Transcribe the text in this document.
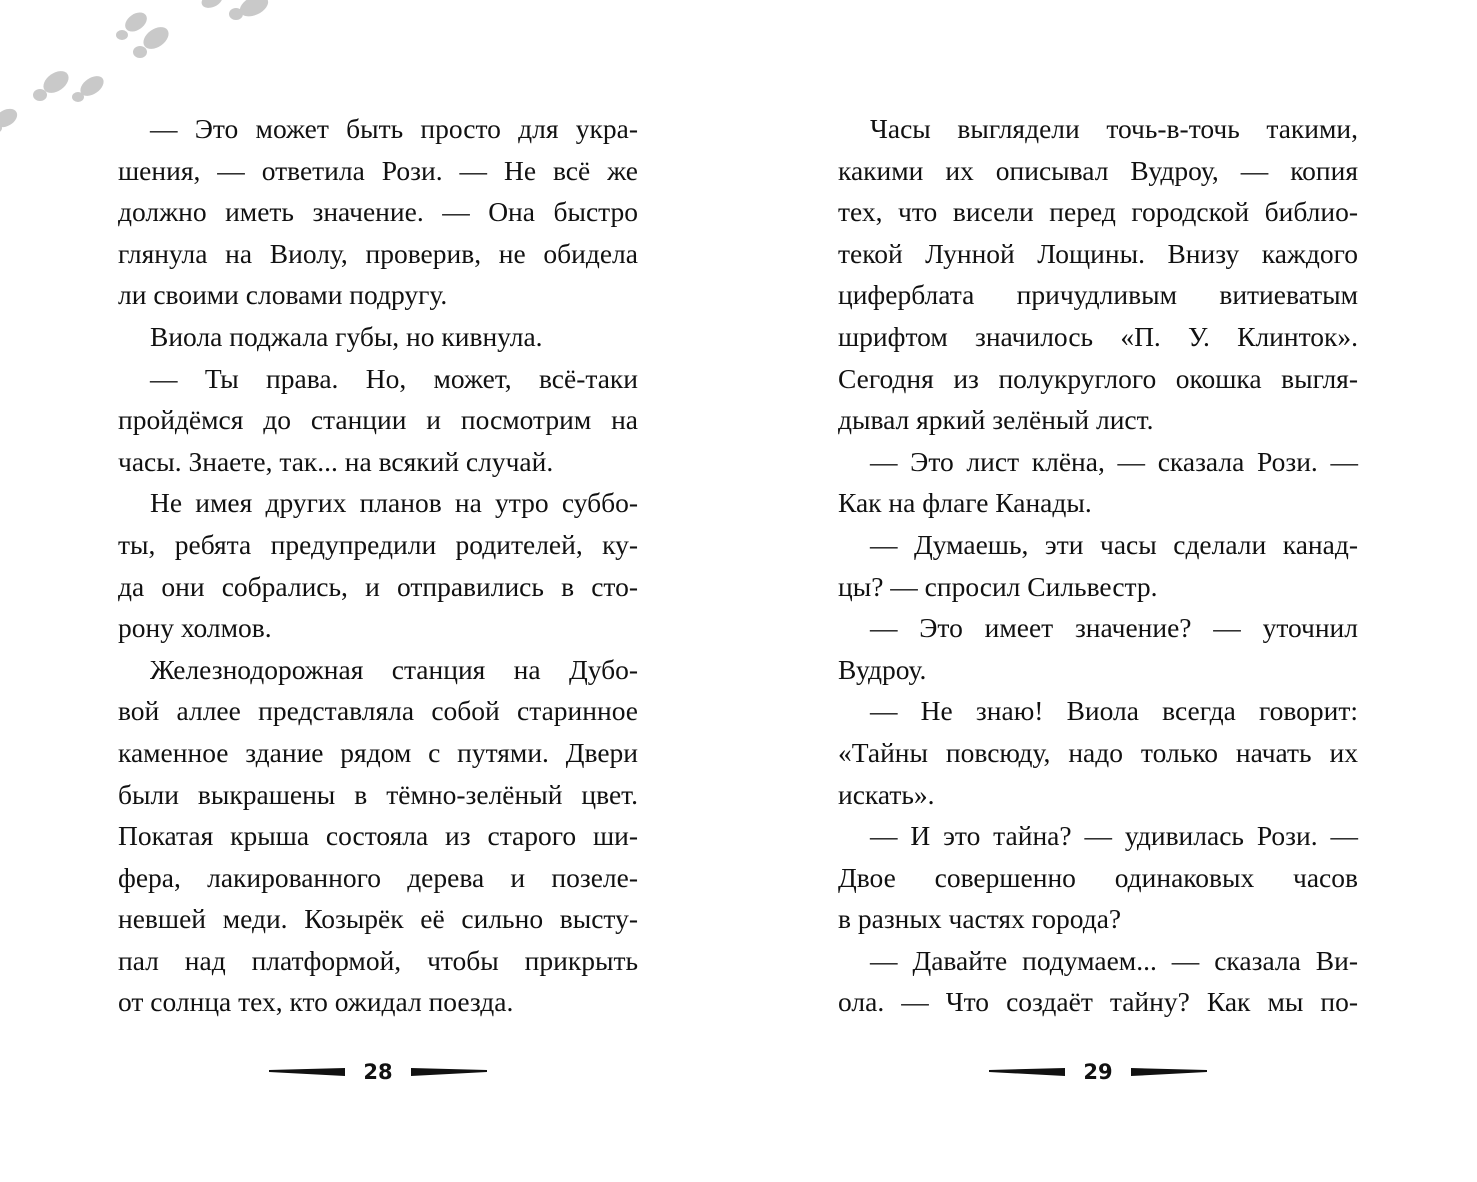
— Это может быть просто для укра-
шения, — ответила Рози. — Не всё же
должно иметь значение. — Она быстро
глянула на Виолу, проверив, не обидела
ли своими словами подругу.
Виола поджала губы, но кивнула.
— Ты права. Но, может, всё-таки
пройдёмся до станции и посмотрим на
часы. Знаете, так... на всякий случай.
Не имея других планов на утро суббо-
ты, ребята предупредили родителей, ку-
да они собрались, и отправились в сто-
рону холмов.
Железнодорожная станция на Дубо-
вой аллее представляла собой старинное
каменное здание рядом с путями. Двери
были выкрашены в тёмно-зелёный цвет.
Покатая крыша состояла из старого ши-
фера, лакированного дерева и позеле-
невшей меди. Козырёк её сильно высту-
пал над платформой, чтобы прикрыть
от солнца тех, кто ожидал поезда.
Часы выглядели точь-в-точь такими,
какими их описывал Вудроу, — копия
тех, что висели перед городской библио-
текой Лунной Лощины. Внизу каждого
циферблата причудливым витиеватым
шрифтом значилось «П. У. Клинток».
Сегодня из полукруглого окошка выгля-
дывал яркий зелёный лист.
— Это лист клёна, — сказала Рози. —
Как на флаге Канады.
— Думаешь, эти часы сделали канад-
цы? — спросил Сильвестр.
— Это имеет значение? — уточнил
Вудроу.
— Не знаю! Виола всегда говорит:
«Тайны повсюду, надо только начать их
искать».
— И это тайна? — удивилась Рози. —
Двое совершенно одинаковых часов
в разных частях города?
— Давайте подумаем... — сказала Ви-
ола. — Что создаёт тайну? Как мы по-
28	29
